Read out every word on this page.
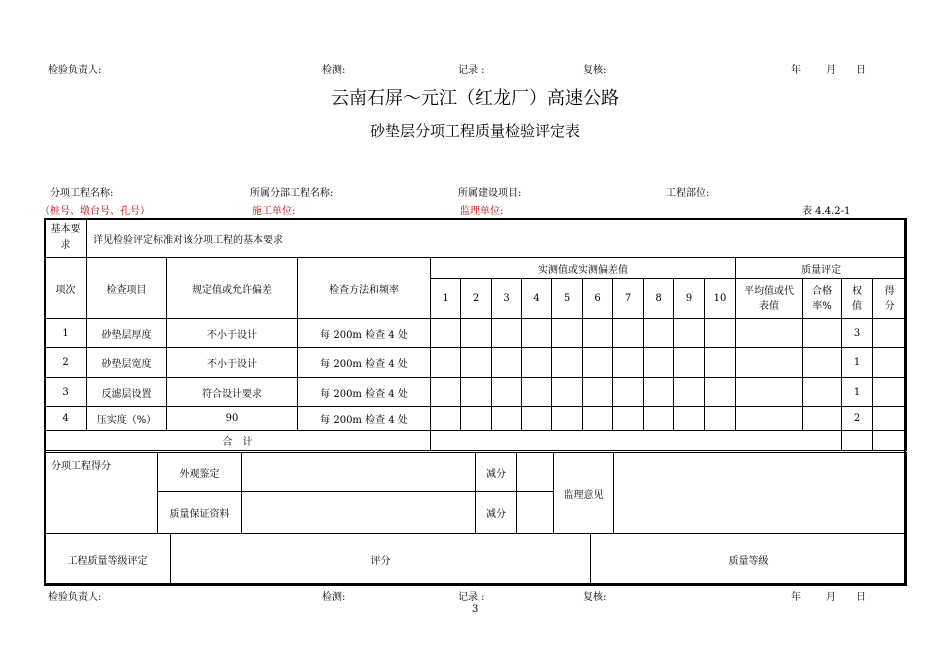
检验负责人:	检测:	记录 :	复核:	年	月 日
云南石屏～元江（红龙厂）高速公路
砂垫层分项工程质量检验评定表
分项工程名称:	所属分部工程名称:	所属建设项目:	工程部位:
（桩号、墩台号、孔号）	施工单位:	监理单位:	表 4.4.2-1
基本要求	详见检验评定标准对该分项工程的基本要求																
项次	检查项目	规定值或允许偏差	检查方法和频率	实测值或实测偏差值										质量评定			
				1	2	3	4	5	6	7	8	9	10	平均值或代表值	合格率%	权值	得分

1	砂垫层厚度	不小于设计	每 200m 检查 4 处													3	
2	砂垫层宽度	不小于设计	每 200m 检查 4 处													1	
3	反滤层设置	符合设计要求	每 200m 检查 4 处													1	
4	压实度（%）	90	每 200m 检查 4 处													2	
合　计																	
分项工程得分	外观鉴定		减分		监理意见	
	质量保证资料		减分			
工程质量等级评定	评分	质量等级
检验负责人:	检测:	记录 :	复核:	年	月 日
3
